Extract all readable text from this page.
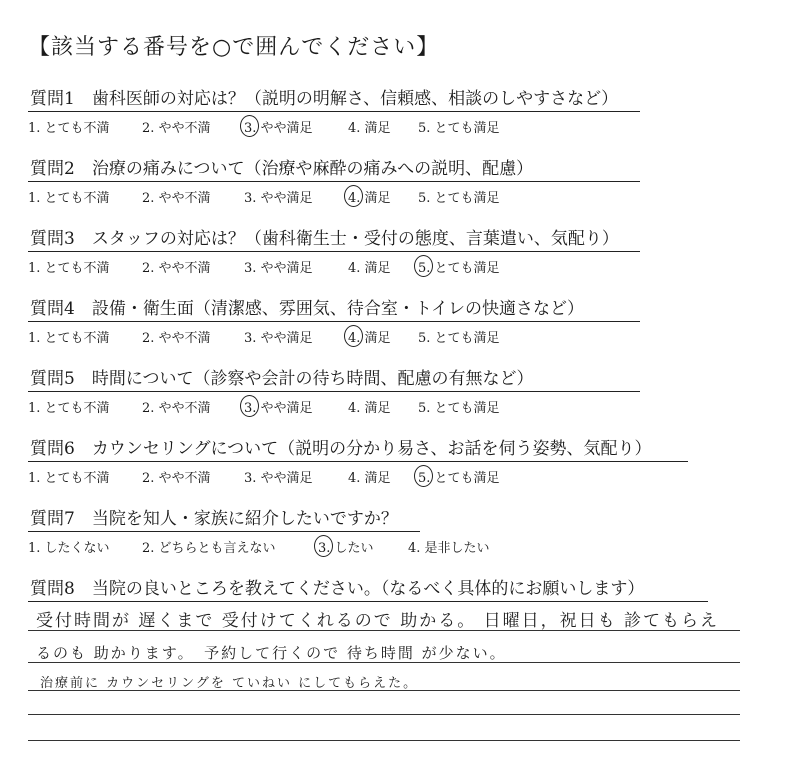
【該当する番号を○で囲んでください】
質問1　歯科医師の対応は？（説明の明解さ、信頼感、相談のしやすさなど）
1. とても不満 2. やや不満	3. やや満足	4. 満足 5. とても満足
質問2　治療の痛みについて（治療や麻酔の痛みへの説明、配慮）
1. とても不満 2. やや不満	3. やや満足	4. 満足 5. とても満足
質問3　スタッフの対応は？（歯科衛生士・受付の態度、言葉遣い、気配り）
1. とても不満 2. やや不満	3. やや満足	4. 満足 5. とても満足
質問4　設備・衛生面（清潔感、雰囲気、待合室・トイレの快適さなど）
1. とても不満 2. やや不満	3. やや満足	4. 満足 5. とても満足
質問5　時間について（診察や会計の待ち時間、配慮の有無など）
1. とても不満 2. やや不満	3. やや満足	4. 満足 5. とても満足
質問6　カウンセリングについて（説明の分かり易さ、お話を伺う姿勢、気配り）
1. とても不満 2. やや不満	3. やや満足	4. 満足 5. とても満足
質問7　当院を知人・家族に紹介したいですか？
1. したくない 2. どちらとも言えない	3. したい	4. 是非したい
質問8　当院の良いところを教えてください。（なるべく具体的にお願いします）
受付時間が 遅くまで 受付けてくれるので 助かる。 日曜日，祝日も 診てもらえ
るのも 助かります。　予約して行くので 待ち時間 が少ない。
治療前に カウンセリングを ていねい にしてもらえた。
